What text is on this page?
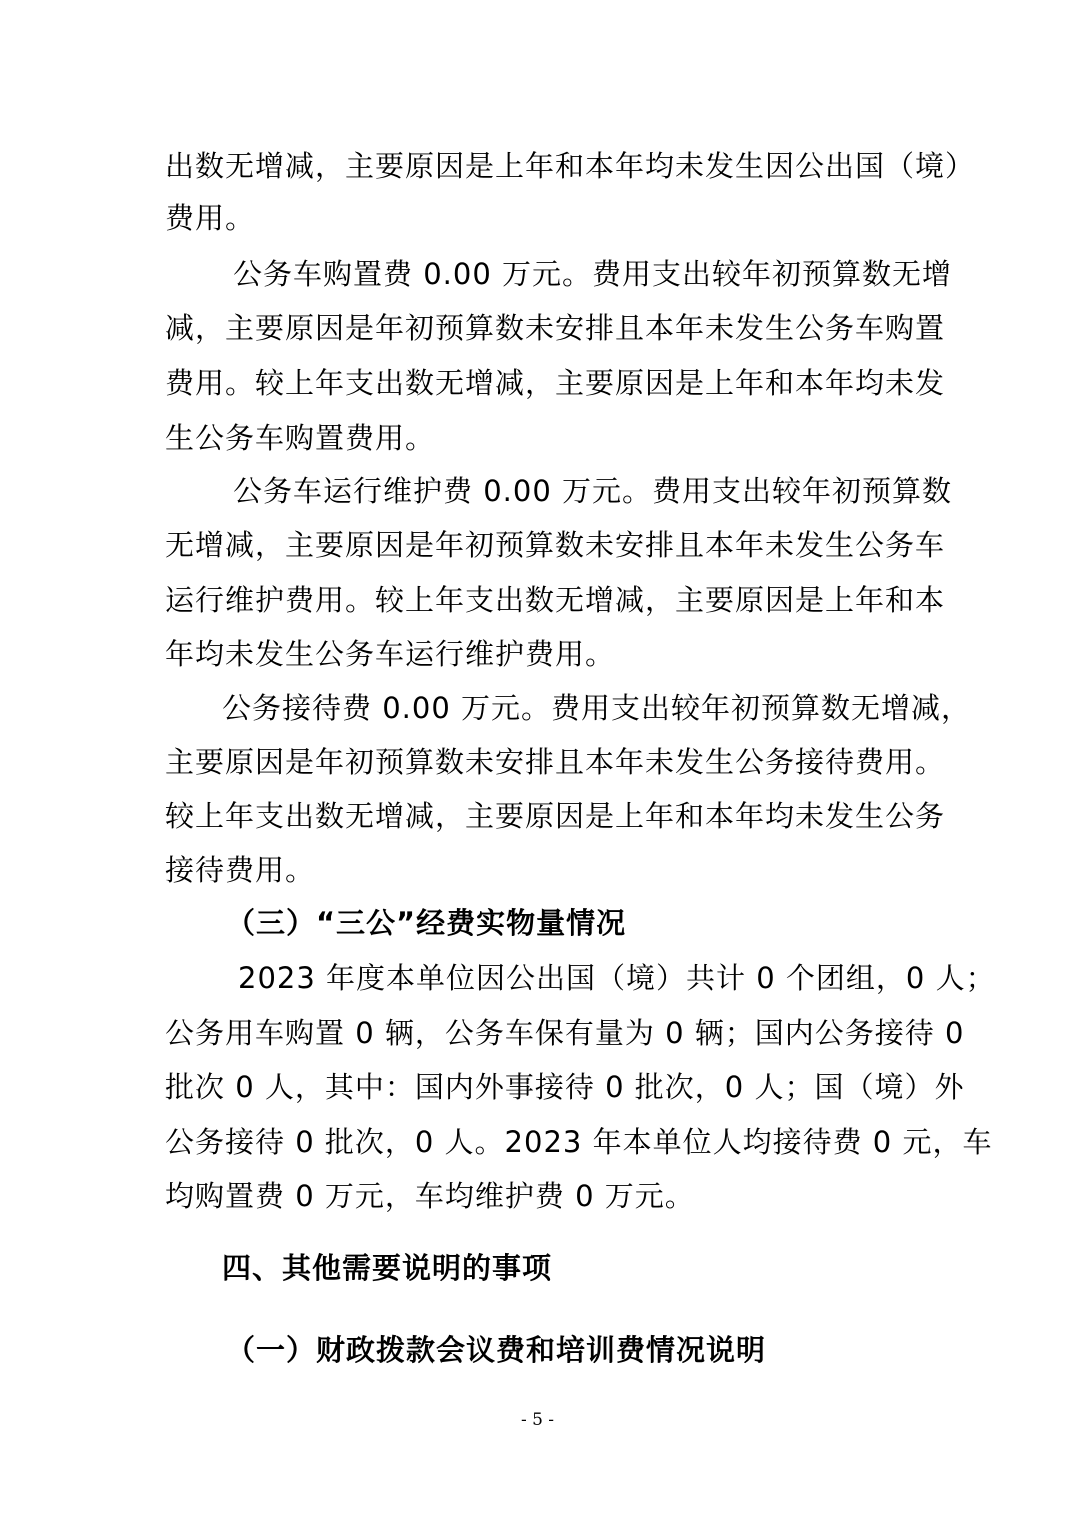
出数无增减，主要原因是上年和本年均未发生因公出国（境）
费用。
公务车购置费 0.00 万元。费用支出较年初预算数无增
减，主要原因是年初预算数未安排且本年未发生公务车购置
费用。较上年支出数无增减，主要原因是上年和本年均未发
生公务车购置费用。
公务车运行维护费 0.00 万元。费用支出较年初预算数
无增减，主要原因是年初预算数未安排且本年未发生公务车
运行维护费用。较上年支出数无增减，主要原因是上年和本
年均未发生公务车运行维护费用。
公务接待费 0.00 万元。费用支出较年初预算数无增减，
主要原因是年初预算数未安排且本年未发生公务接待费用。
较上年支出数无增减，主要原因是上年和本年均未发生公务
接待费用。
（三）“三公”经费实物量情况
2023 年度本单位因公出国（境）共计 0 个团组，0 人；
公务用车购置 0 辆，公务车保有量为 0 辆；国内公务接待 0
批次 0 人，其中：国内外事接待 0 批次，0 人；国（境）外
公务接待 0 批次，0 人。2023 年本单位人均接待费 0 元，车
均购置费 0 万元，车均维护费 0 万元。
四、其他需要说明的事项
（一）财政拨款会议费和培训费情况说明
- 5 -
